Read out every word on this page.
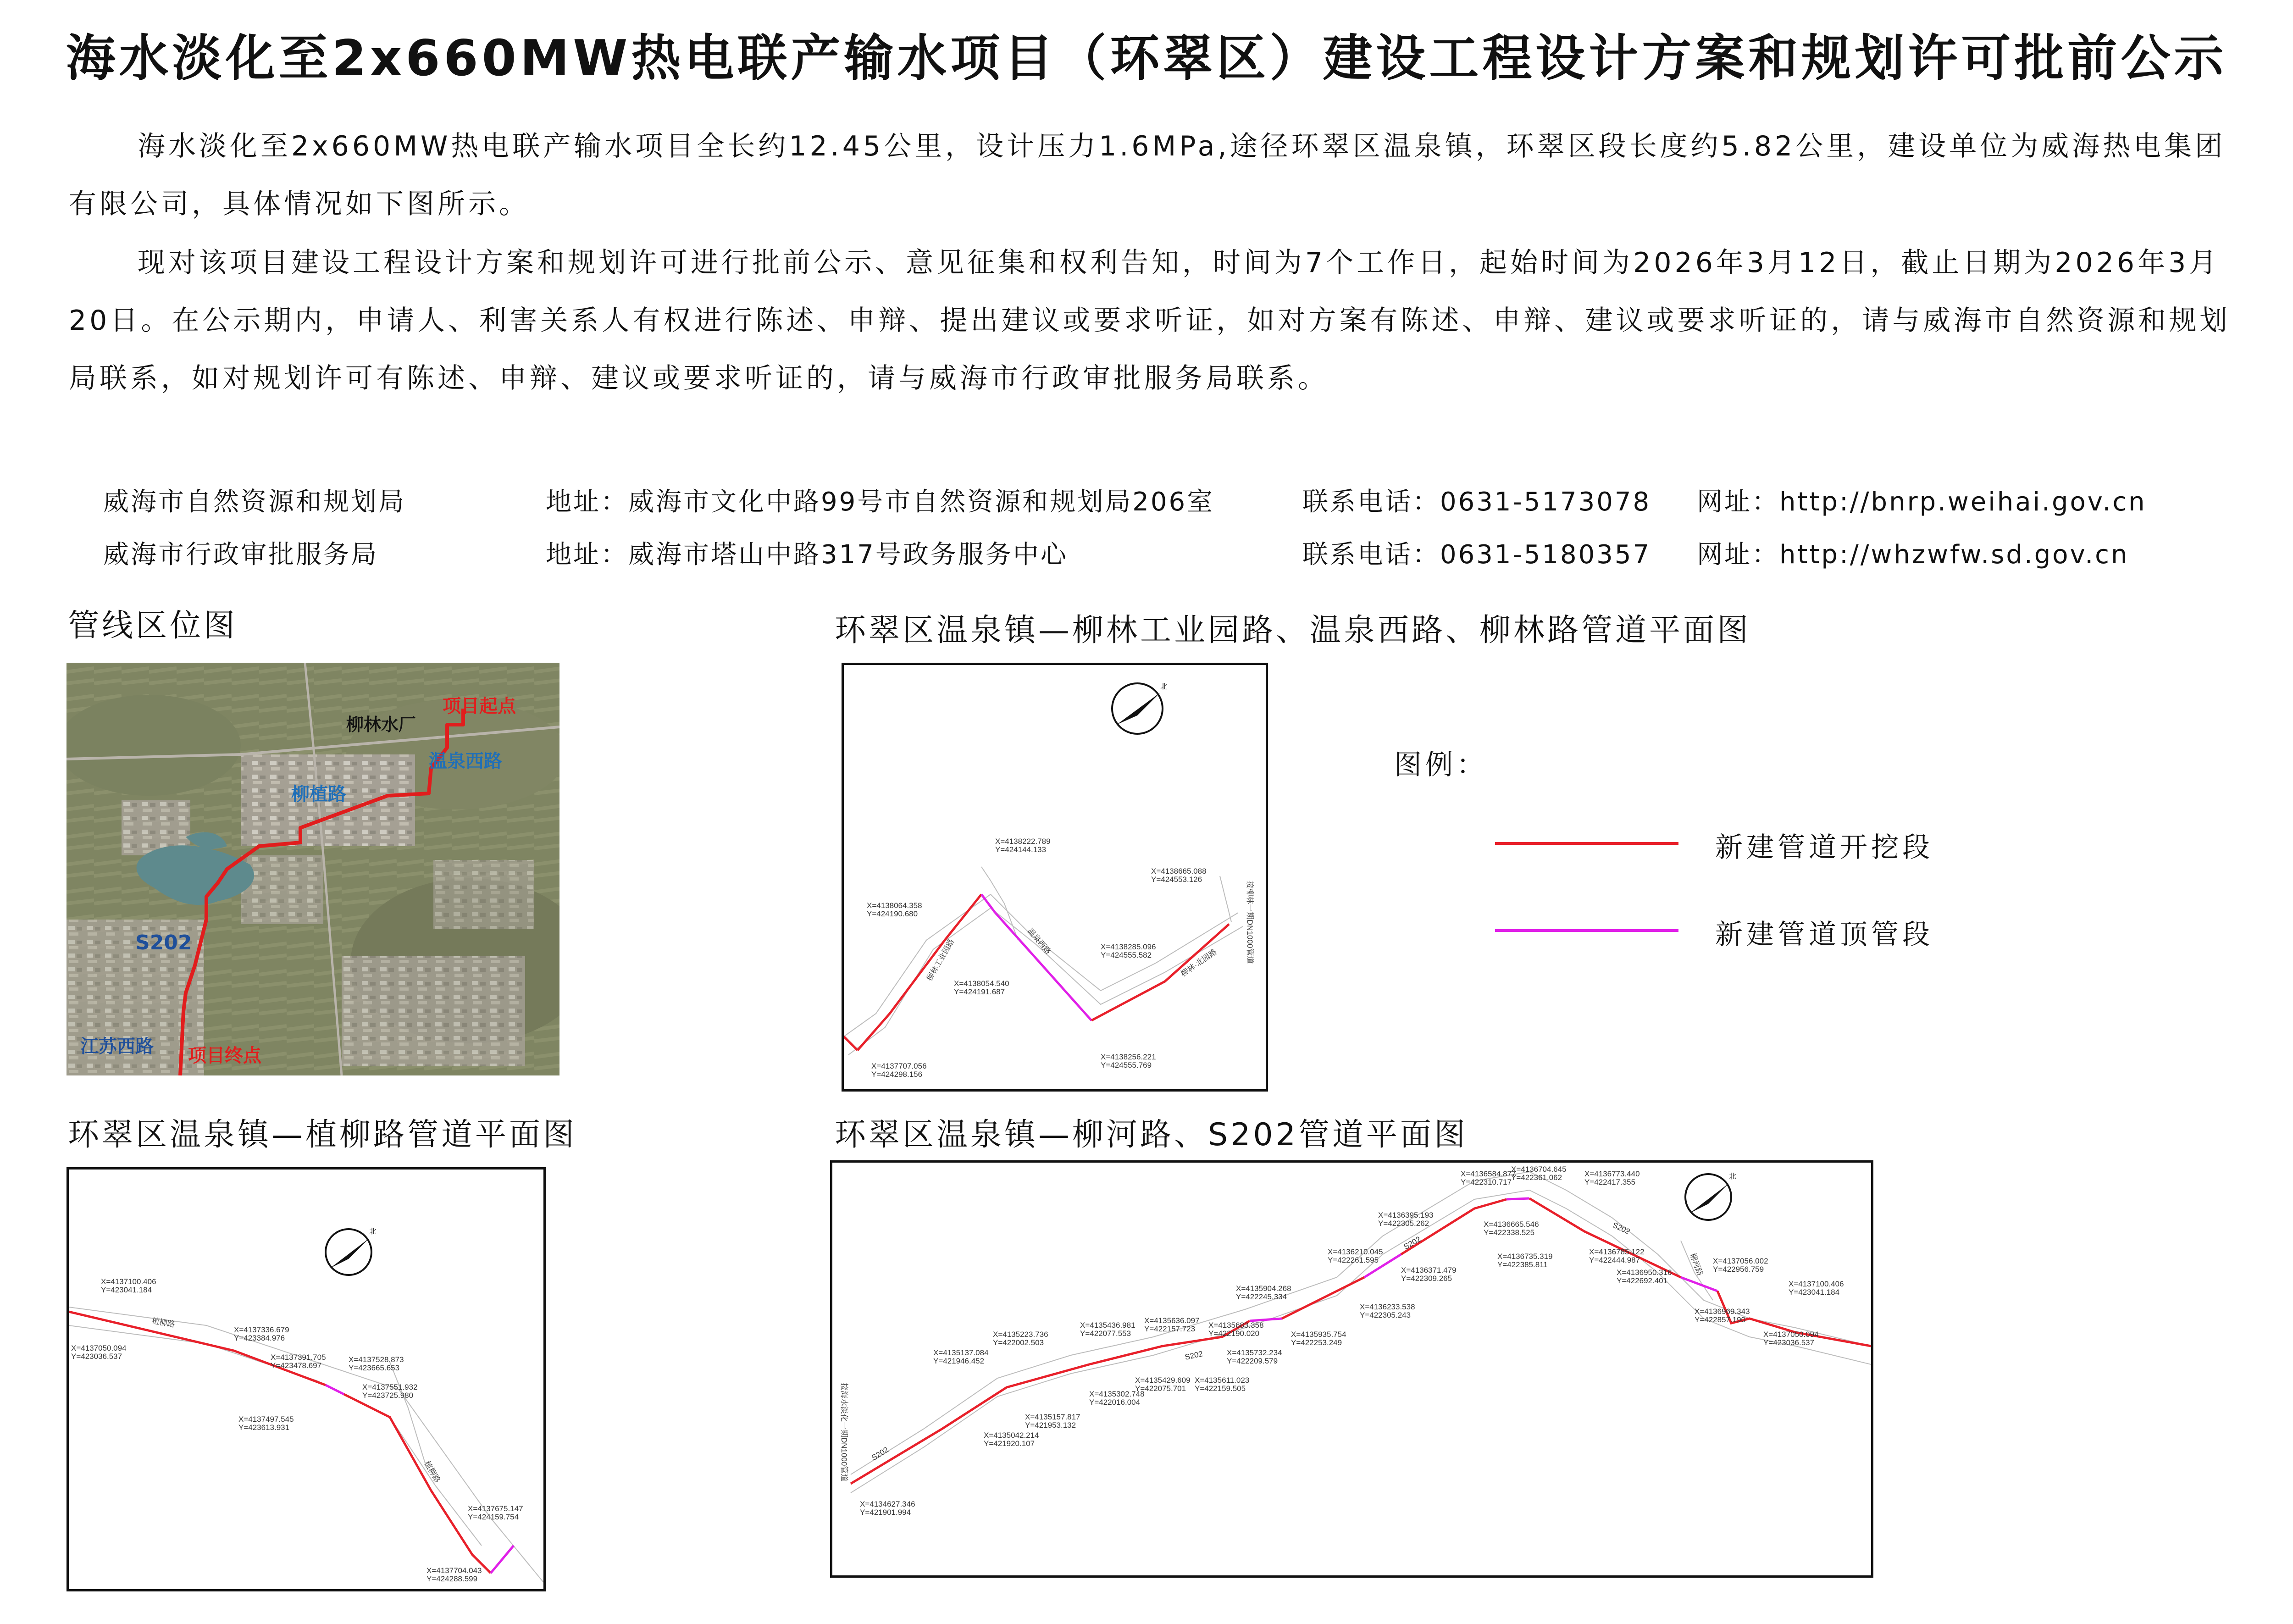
海水淡化至2x660MW热电联产输水项目（环翠区）建设工程设计方案和规划许可批前公示
海水淡化至2x660MW热电联产输水项目全长约12.45公里，设计压力1.6MPa,途径环翠区温泉镇，环翠区段长度约5.82公里，建设单位为威海热电集团有限公司，具体情况如下图所示。
现对该项目建设工程设计方案和规划许可进行批前公示、意见征集和权利告知，时间为7个工作日，起始时间为2026年3月12日，截止日期为2026年3月20日。在公示期内，申请人、利害关系人有权进行陈述、申辩、提出建议或要求听证，如对方案有陈述、申辩、建议或要求听证的，请与威海市自然资源和规划局联系，如对规划许可有陈述、申辩、建议或要求听证的，请与威海市行政审批服务局联系。
威海市自然资源和规划局	地址：威海市文化中路99号市自然资源和规划局206室	联系电话：0631-5173078 网址：http://bnrp.weihai.gov.cn
威海市行政审批服务局	地址：威海市塔山中路317号政务服务中心	联系电话：0631-5180357 网址：http://whzwfw.sd.gov.cn
管线区位图	环翠区温泉镇—柳林工业园路、温泉西路、柳林路管道平面图
环翠区温泉镇—植柳路管道平面图	环翠区温泉镇—柳河路、S202管道平面图
项目起点
柳林水厂
温泉西路
柳植路
S202
江苏西路 项目终点
北
X=4138222.789
Y=424144.133
X=4138064.358
Y=424190.680
X=4138054.540
Y=424191.687
X=4137707.056
Y=424298.156
X=4138285.096
Y=424555.582
X=4138256.221
Y=424555.769
X=4138665.088
Y=424553.126
接柳林一期DN1000管道
柳林工业园路	温泉西路
柳林·北园路
图例：
新建管道开挖段
新建管道顶管段
北
X=4137100.406
Y=423041.184
X=4137050.094
Y=423036.537
X=4137336.679
Y=423384.976
X=4137391.705
Y=423478.697
X=4137528.873
Y=423665.653
X=4137551.932
Y=423725.980
X=4137497.545
Y=423613.931
X=4137675.147
Y=424159.754
X=4137704.043
Y=424288.599
植柳路
植柳路
北
X=4134627.346
Y=421901.994
X=4135137.084
Y=421946.452
X=4135042.214
Y=421920.107
X=4135223.736
Y=422002.503
X=4135157.817
Y=421953.132
X=4135436.981
Y=422077.553
X=4135302.748
Y=422016.004
X=4135636.097
Y=422157.723
X=4135429.609
Y=422075.701
X=4135683.358
Y=422190.020
X=4135611.023
Y=422159.505
X=4135904.268
Y=422245.334
X=4135732.234
Y=422209.579
X=4135935.754
Y=422253.249
X=4136210.045
Y=422261.595
X=4136395.193
Y=422305.262
X=4136233.538
Y=422305.243
X=4136371.479
Y=422309.265
X=4136584.877
Y=422310.717
X=4136665.546
Y=422338.525
X=4136704.645
Y=422361.062
X=4136735.319
Y=422385.811
X=4136773.440
Y=422417.355
X=4136785.122
Y=422444.987
X=4136950.316
Y=422692.401
X=4137056.002
Y=422956.759
X=4136969.343
Y=422857.190
X=4137100.406
Y=423041.184
X=4137050.094
Y=423036.537
S202
S202
S202
S202
柳河路
接海水淡化一期DN1000管道
